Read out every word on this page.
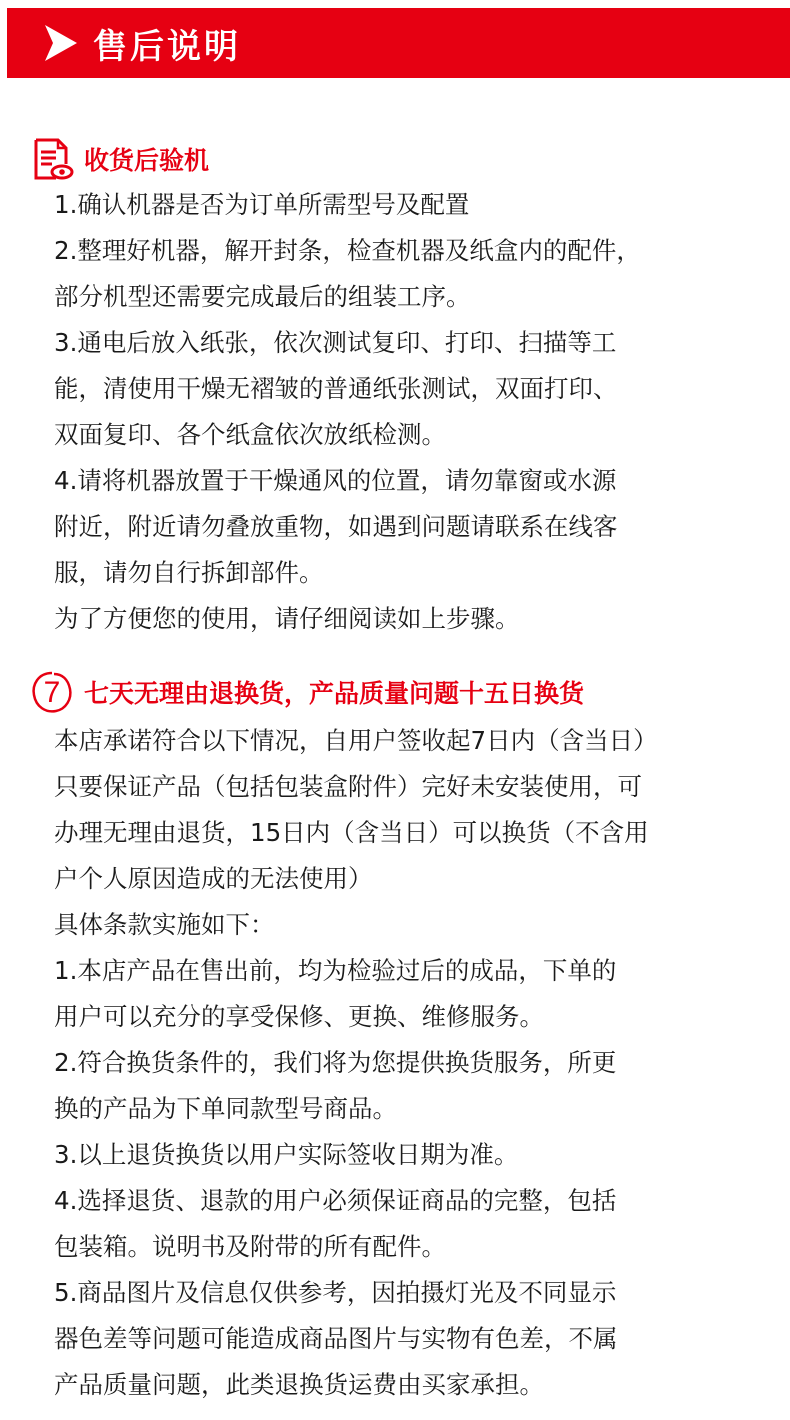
售后说明
收货后验机

1.确认机器是否为订单所需型号及配置

2.整理好机器，解开封条，检查机器及纸盒内的配件，

部分机型还需要完成最后的组装工序。

3.通电后放入纸张，依次测试复印、打印、扫描等工

能，清使用干燥无褶皱的普通纸张测试，双面打印、

双面复印、各个纸盒依次放纸检测。

4.请将机器放置于干燥通风的位置，请勿靠窗或水源

附近，附近请勿叠放重物，如遇到问题请联系在线客

服，请勿自行拆卸部件。

为了方便您的使用，请仔细阅读如上步骤。

7 七天无理由退换货，产品质量问题十五日换货

本店承诺符合以下情况，自用户签收起7日内（含当日）

只要保证产品（包括包装盒附件）完好未安装使用，可

办理无理由退货，15日内（含当日）可以换货（不含用

户个人原因造成的无法使用）

具体条款实施如下：

1.本店产品在售出前，均为检验过后的成品，下单的

用户可以充分的享受保修、更换、维修服务。

2.符合换货条件的，我们将为您提供换货服务，所更

换的产品为下单同款型号商品。

3.以上退货换货以用户实际签收日期为准。

4.选择退货、退款的用户必须保证商品的完整，包括

包装箱。说明书及附带的所有配件。

5.商品图片及信息仅供参考，因拍摄灯光及不同显示

器色差等问题可能造成商品图片与实物有色差，不属

产品质量问题，此类退换货运费由买家承担。
